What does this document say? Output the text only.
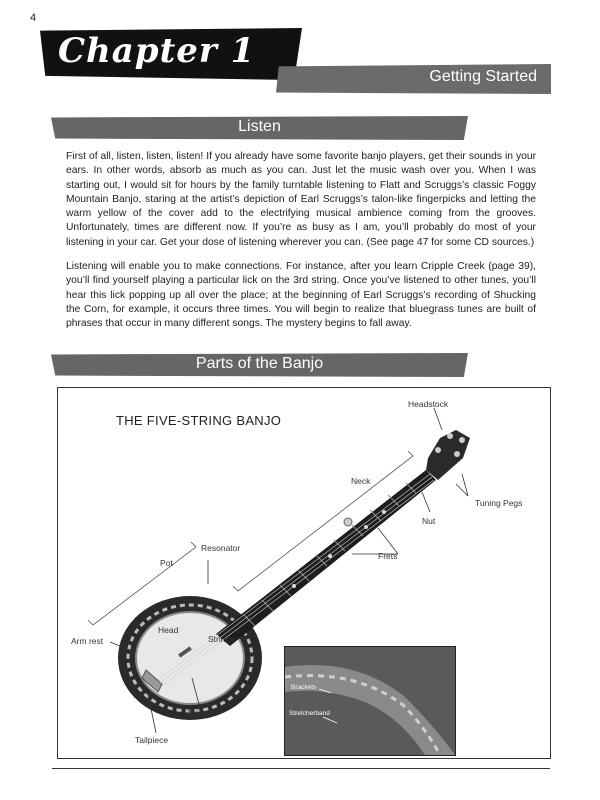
4
Chapter 1
Getting Started
Listen

First of all, listen, listen, listen! If you already have some favorite banjo players, get their sounds in your ears. In other words, absorb as much as you can. Just let the music wash over you. When I was starting out, I would sit for hours by the family turntable listening to Flatt and Scruggs’s classic Foggy Mountain Banjo, staring at the artist’s depiction of Earl Scruggs’s talon-like fingerpicks and letting the warm yellow of the cover add to the electrifying musical ambience coming from the grooves. Unfortunately, times are different now. If you’re as busy as I am, you’ll probably do most of your listening in your car. Get your dose of listening wherever you can. (See page 47 for some CD sources.)

Listening will enable you to make connections. For instance, after you learn Cripple Creek (page 39), you’ll find yourself playing a particular lick on the 3rd string. Once you’ve listened to other tunes, you’ll hear this lick popping up all over the place; at the beginning of Earl Scruggs’s recording of Shucking the Corn, for example, it occurs three times. You will begin to realize that bluegrass tunes are built of phrases that occur in many different songs. The mystery begins to fall away.

Parts of the Banjo
THE FIVE-STRING BANJO
Headstock
Neck
Tuning Pegs
Nut
Frets
Resonator
Pot
Head
Strings
Arm rest
Bridge
Tailpiece
Brackets
Stretcherband
